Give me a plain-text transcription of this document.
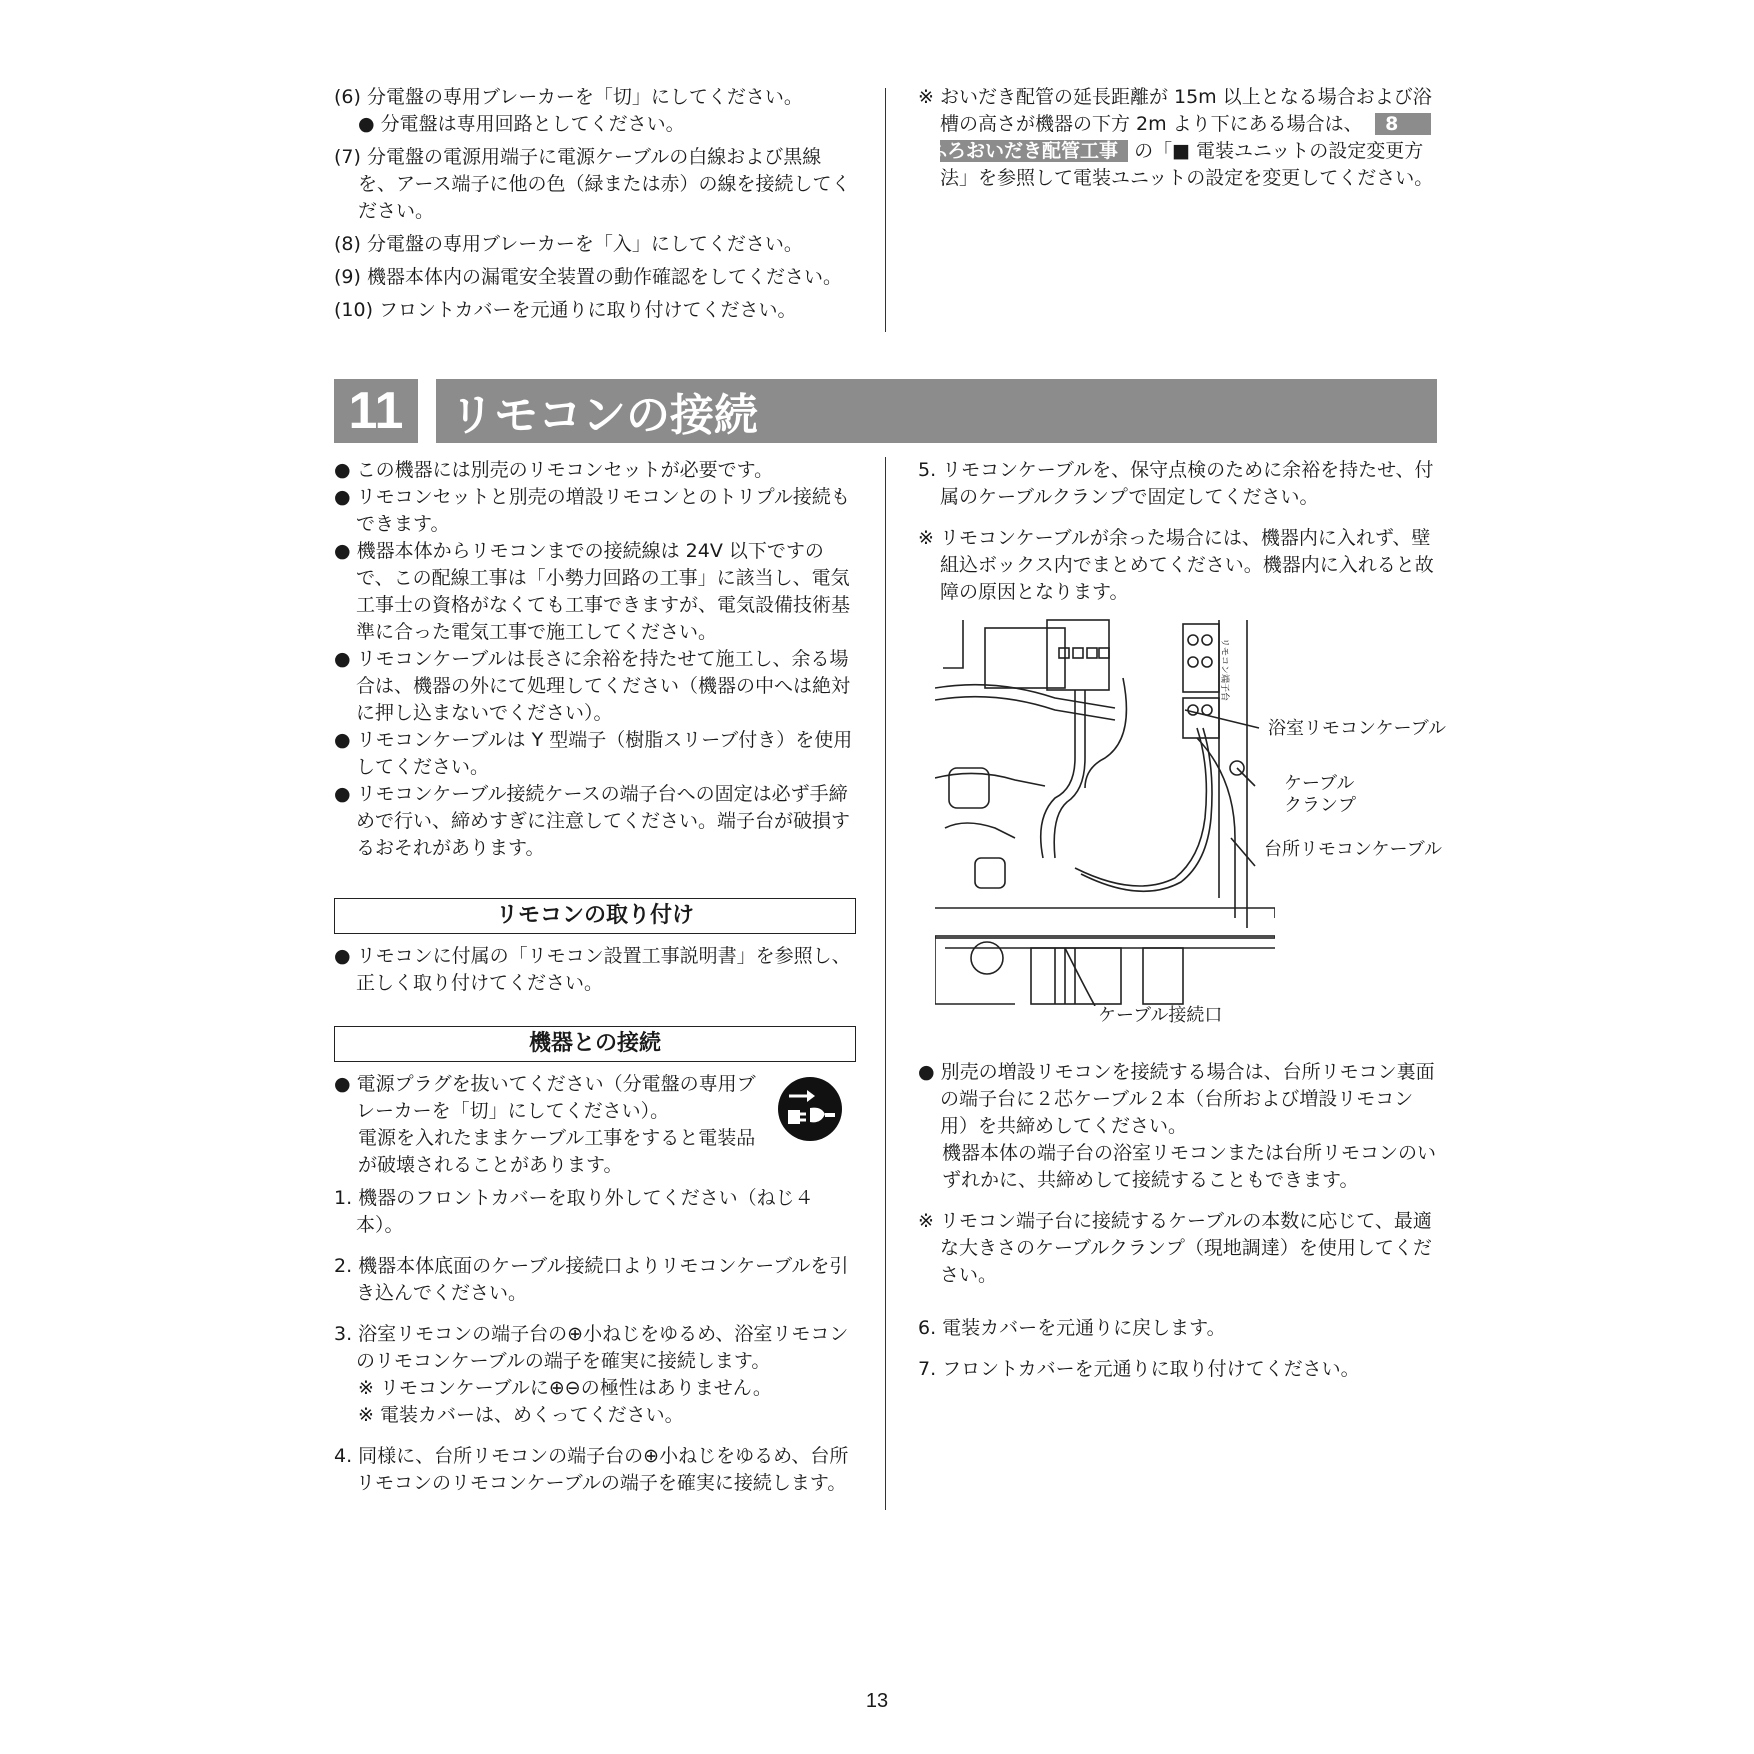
(6) 分電盤の専用ブレーカーを「切」にしてください。

● 分電盤は専用回路としてください。

(7) 分電盤の電源用端子に電源ケーブルの白線および黒線を、アース端子に他の色（緑または赤）の線を接続してください。

(8) 分電盤の専用ブレーカーを「入」にしてください。

(9) 機器本体内の漏電安全装置の動作確認をしてください。

(10) フロントカバーを元通りに取り付けてください。

※ おいだき配管の延長距離が 15m 以上となる場合および浴槽の高さが機器の下方 2m より下にある場合は、 8 ふろおいだき配管工事 の「■ 電装ユニットの設定変更方法」を参照して電装ユニットの設定を変更してください。

11	リモコンの接続

● この機器には別売のリモコンセットが必要です。

● リモコンセットと別売の増設リモコンとのトリプル接続もできます。

● 機器本体からリモコンまでの接続線は 24V 以下ですので、この配線工事は「小勢力回路の工事」に該当し、電気工事士の資格がなくても工事できますが、電気設備技術基準に合った電気工事で施工してください。

● リモコンケーブルは長さに余裕を持たせて施工し、余る場合は、機器の外にて処理してください（機器の中へは絶対に押し込まないでください）。

● リモコンケーブルは Y 型端子（樹脂スリーブ付き）を使用してください。

● リモコンケーブル接続ケースの端子台への固定は必ず手締めで行い、締めすぎに注意してください。端子台が破損するおそれがあります。

リモコンの取り付け

● リモコンに付属の「リモコン設置工事説明書」を参照し、正しく取り付けてください。

機器との接続

● 電源プラグを抜いてください（分電盤の専用ブレーカーを「切」にしてください）。

電源を入れたままケーブル工事をすると電装品が破壊されることがあります。

1. 機器のフロントカバーを取り外してください（ねじ４本）。

2. 機器本体底面のケーブル接続口よりリモコンケーブルを引き込んでください。

3. 浴室リモコンの端子台の⊕小ねじをゆるめ、浴室リモコンのリモコンケーブルの端子を確実に接続します。

※ リモコンケーブルに⊕⊖の極性はありません。

※ 電装カバーは、めくってください。

4. 同様に、台所リモコンの端子台の⊕小ねじをゆるめ、台所リモコンのリモコンケーブルの端子を確実に接続します。

5. リモコンケーブルを、保守点検のために余裕を持たせ、付属のケーブルクランプで固定してください。

※ リモコンケーブルが余った場合には、機器内に入れず、壁組込ボックス内でまとめてください。機器内に入れると故障の原因となります。

リモコン端子台
浴室リモコンケーブル
ケーブル
クランプ
台所リモコンケーブル
ケーブル接続口

● 別売の増設リモコンを接続する場合は、台所リモコン裏面の端子台に２芯ケーブル２本（台所および増設リモコン用）を共締めしてください。

機器本体の端子台の浴室リモコンまたは台所リモコンのいずれかに、共締めして接続することもできます。

※ リモコン端子台に接続するケーブルの本数に応じて、最適な大きさのケーブルクランプ（現地調達）を使用してください。

6. 電装カバーを元通りに戻します。

7. フロントカバーを元通りに取り付けてください。

13
